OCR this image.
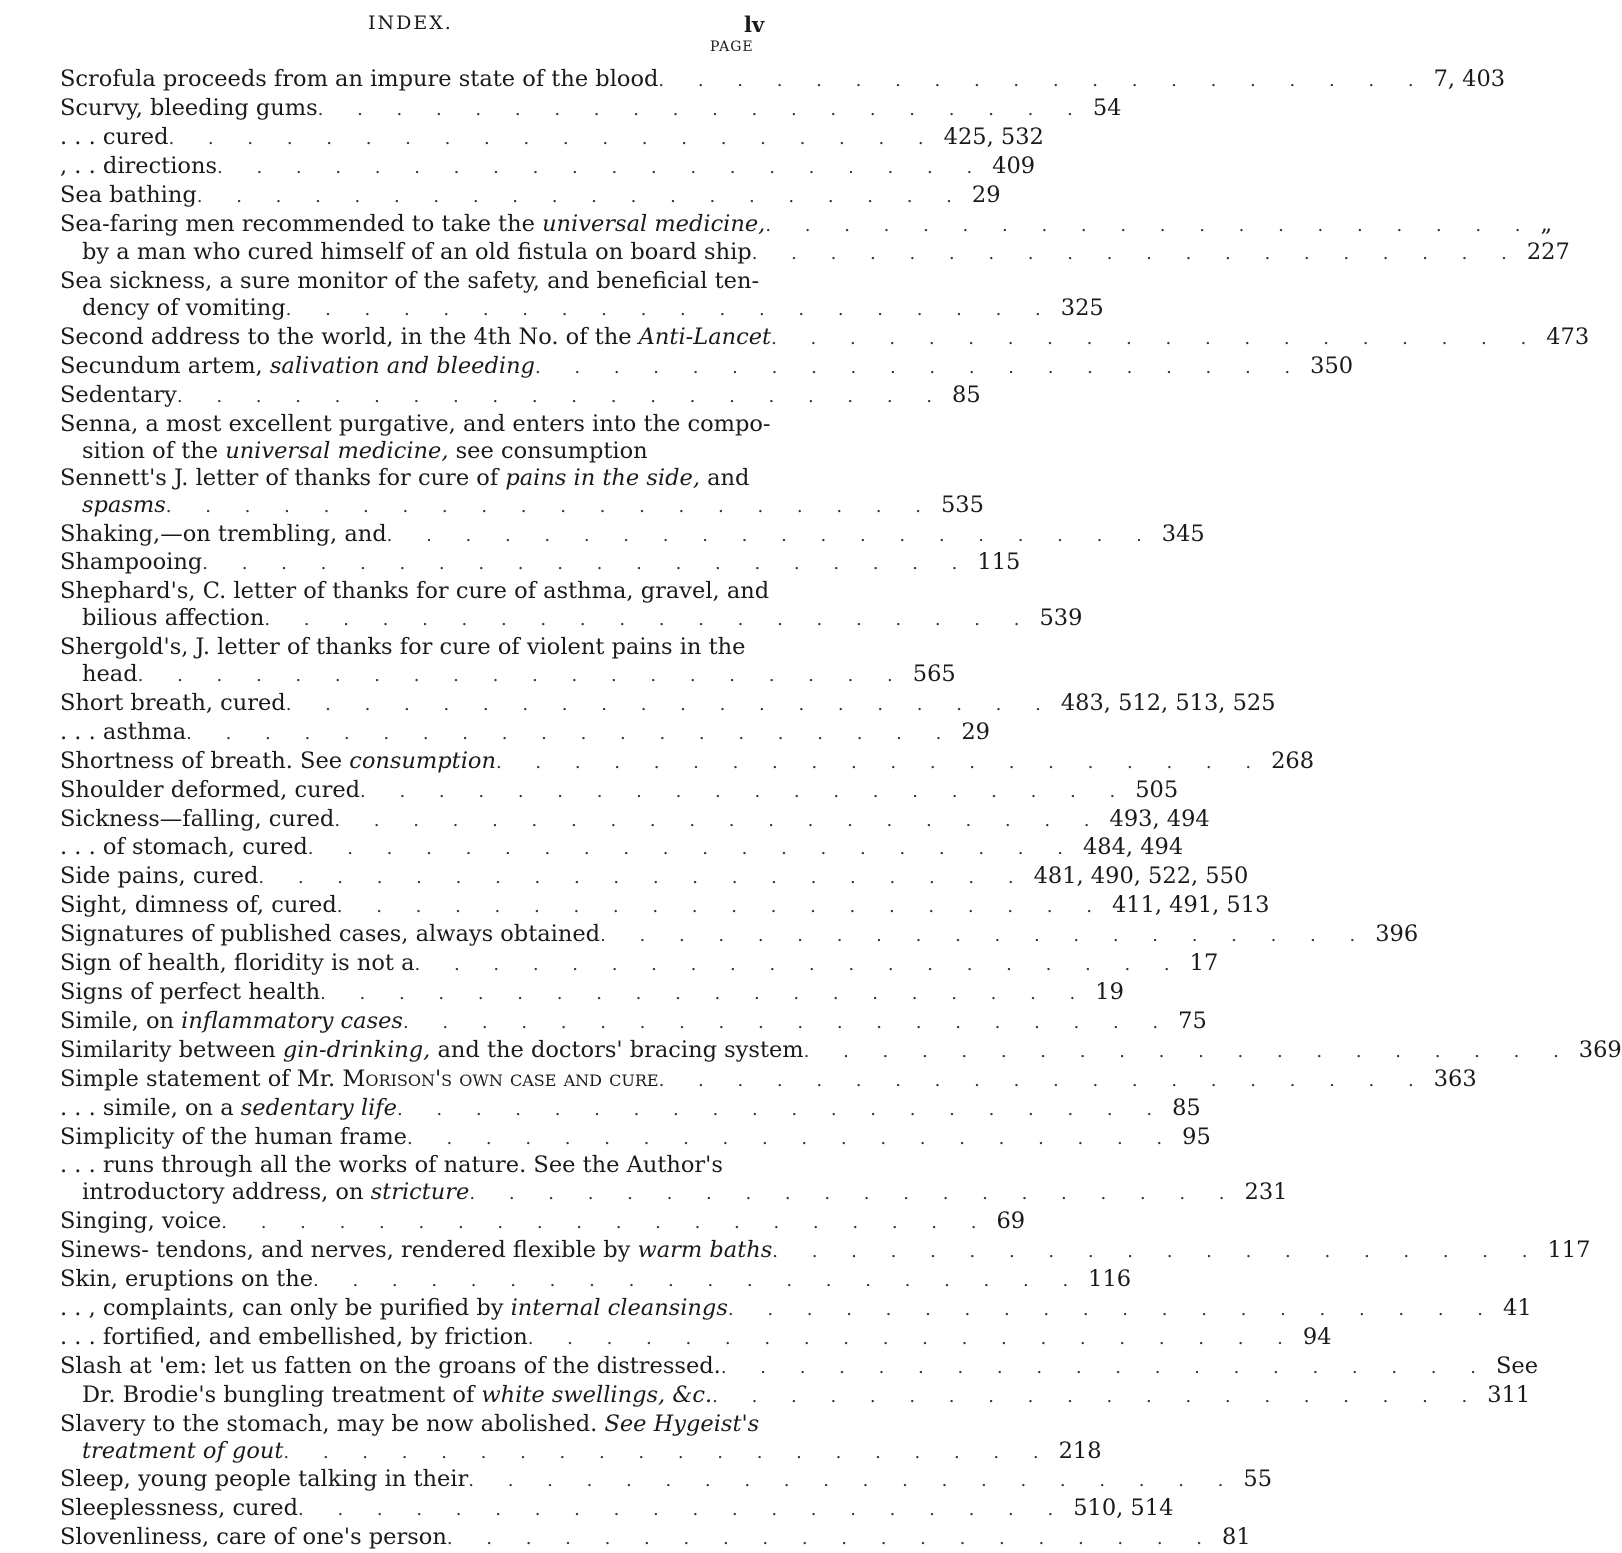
INDEX.	lv
PAGE
Scrofula proceeds from an impure state of the blood . . . . . . . . . . . . . . . . . . . . 7, 403
Scurvy, bleeding gums . . . . . . . . . . . . . . . . . . . . 54
. . . cured . . . . . . . . . . . . . . . . . . . . 425, 532
, . . directions . . . . . . . . . . . . . . . . . . . . 409
Sea bathing . . . . . . . . . . . . . . . . . . . . 29
Sea-faring men recommended to take the universal medicine, . . . . . . . . . . . . . . . . . . . . „
by a man who cured himself of an old fistula on board ship . . . . . . . . . . . . . . . . . . . . 227
Sea sickness, a sure monitor of the safety, and beneficial ten-
dency of vomiting . . . . . . . . . . . . . . . . . . . . 325
Second address to the world, in the 4th No. of the Anti-Lancet . . . . . . . . . . . . . . . . . . . . 473
Secundum artem, salivation and bleeding . . . . . . . . . . . . . . . . . . . . 350
Sedentary . . . . . . . . . . . . . . . . . . . . 85
Senna, a most excellent purgative, and enters into the compo-
sition of the universal medicine, see consumption
Sennett's J. letter of thanks for cure of pains in the side, and
spasms . . . . . . . . . . . . . . . . . . . . 535
Shaking,—on trembling, and . . . . . . . . . . . . . . . . . . . . 345
Shampooing . . . . . . . . . . . . . . . . . . . . 115
Shephard's, C. letter of thanks for cure of asthma, gravel, and
bilious affection . . . . . . . . . . . . . . . . . . . . 539
Shergold's, J. letter of thanks for cure of violent pains in the
head . . . . . . . . . . . . . . . . . . . . 565
Short breath, cured . . . . . . . . . . . . . . . . . . . . 483, 512, 513, 525
. . . asthma . . . . . . . . . . . . . . . . . . . . 29
Shortness of breath. See consumption . . . . . . . . . . . . . . . . . . . . 268
Shoulder deformed, cured . . . . . . . . . . . . . . . . . . . . 505
Sickness—falling, cured . . . . . . . . . . . . . . . . . . . . 493, 494
. . . of stomach, cured . . . . . . . . . . . . . . . . . . . . 484, 494
Side pains, cured . . . . . . . . . . . . . . . . . . . . 481, 490, 522, 550
Sight, dimness of, cured . . . . . . . . . . . . . . . . . . . . 411, 491, 513
Signatures of published cases, always obtained . . . . . . . . . . . . . . . . . . . . 396
Sign of health, floridity is not a . . . . . . . . . . . . . . . . . . . . 17
Signs of perfect health . . . . . . . . . . . . . . . . . . . . 19
Simile, on inflammatory cases . . . . . . . . . . . . . . . . . . . . 75
Similarity between gin-drinking, and the doctors' bracing system . . . . . . . . . . . . . . . . . . . . 369
Simple statement of Mr. Morison's own case and cure . . . . . . . . . . . . . . . . . . . . 363
. . . simile, on a sedentary life . . . . . . . . . . . . . . . . . . . . 85
Simplicity of the human frame . . . . . . . . . . . . . . . . . . . . 95
. . . runs through all the works of nature. See the Author's
introductory address, on stricture . . . . . . . . . . . . . . . . . . . . 231
Singing, voice . . . . . . . . . . . . . . . . . . . . 69
Sinews- tendons, and nerves, rendered flexible by warm baths . . . . . . . . . . . . . . . . . . . . 117
Skin, eruptions on the . . . . . . . . . . . . . . . . . . . . 116
. . , complaints, can only be purified by internal cleansings . . . . . . . . . . . . . . . . . . . . 41
. . . fortified, and embellished, by friction . . . . . . . . . . . . . . . . . . . . 94
Slash at 'em: let us fatten on the groans of the distressed. . . . . . . . . . . . . . . . . . . . . See
Dr. Brodie's bungling treatment of white swellings, &c. . . . . . . . . . . . . . . . . . . . . 311
Slavery to the stomach, may be now abolished. See Hygeist's
treatment of gout . . . . . . . . . . . . . . . . . . . . 218
Sleep, young people talking in their . . . . . . . . . . . . . . . . . . . . 55
Sleeplessness, cured . . . . . . . . . . . . . . . . . . . . 510, 514
Slovenliness, care of one's person . . . . . . . . . . . . . . . . . . . . 81
